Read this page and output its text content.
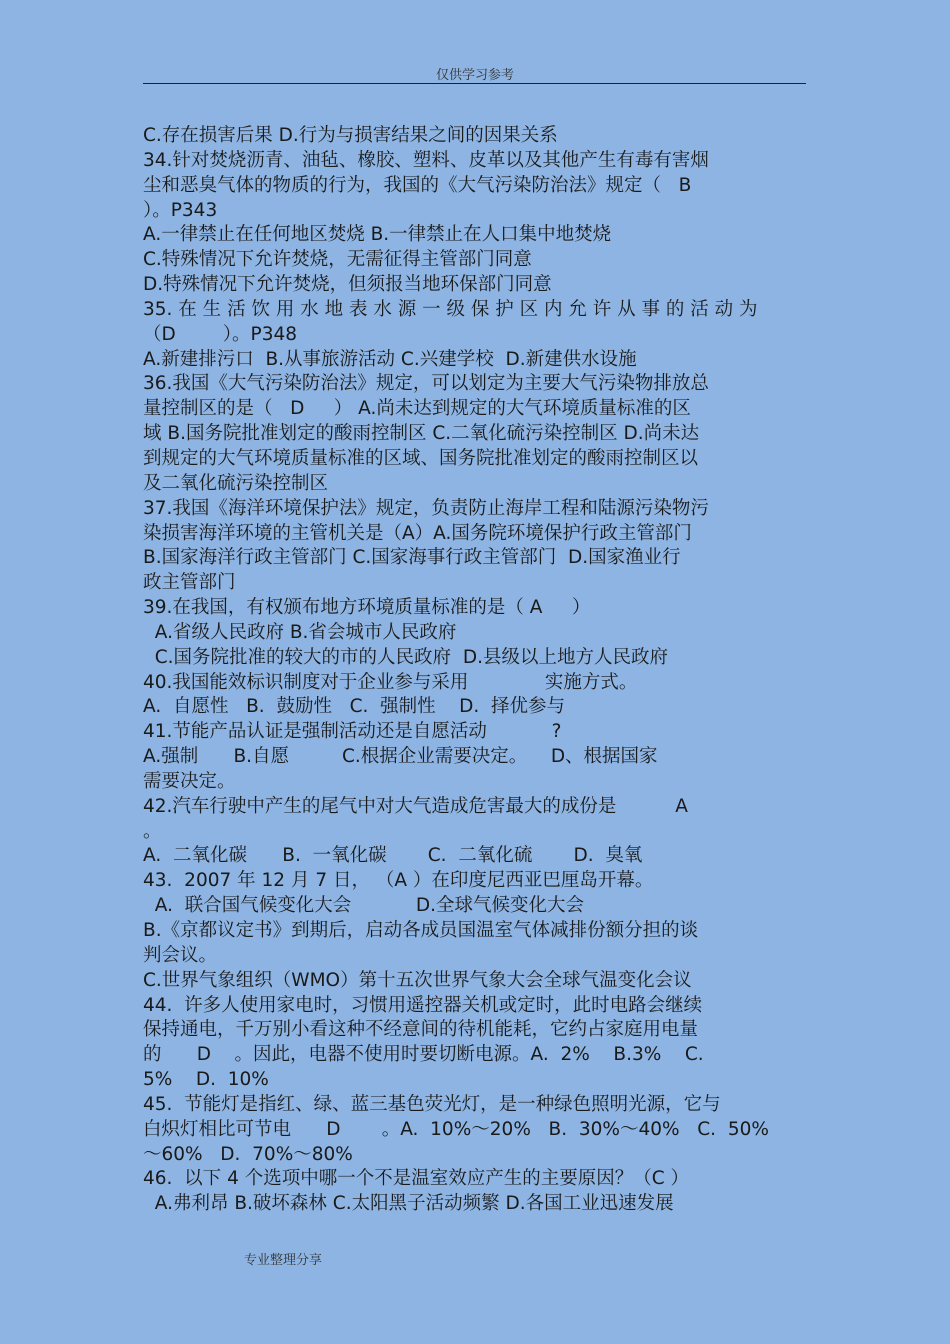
仅供学习参考
C.存在损害后果 D.行为与损害结果之间的因果关系
34.针对焚烧沥青、油毡、橡胶、塑料、皮革以及其他产生有毒有害烟
尘和恶臭气体的物质的行为，我国的《大气污染防治法》规定（   B
）。P343
A.一律禁止在任何地区焚烧 B.一律禁止在人口集中地焚烧
C.特殊情况下允许焚烧，无需征得主管部门同意
D.特殊情况下允许焚烧，但须报当地环保部门同意
35. 在 生 活 饮 用 水 地 表 水 源 一 级 保 护 区 内 允 许 从 事 的 活 动 为
（D        ）。P348
A.新建排污口  B.从事旅游活动 C.兴建学校  D.新建供水设施
36.我国《大气污染防治法》规定，可以划定为主要大气污染物排放总
量控制区的是（   D     ） A.尚未达到规定的大气环境质量标准的区
域 B.国务院批准划定的酸雨控制区 C.二氧化硫污染控制区 D.尚未达
到规定的大气环境质量标准的区域、国务院批准划定的酸雨控制区以
及二氧化硫污染控制区
37.我国《海洋环境保护法》规定，负责防止海岸工程和陆源污染物污
染损害海洋环境的主管机关是（A）A.国务院环境保护行政主管部门
B.国家海洋行政主管部门 C.国家海事行政主管部门  D.国家渔业行
政主管部门
39.在我国，有权颁布地方环境质量标准的是（ A     ）
A.省级人民政府 B.省会城市人民政府
C.国务院批准的较大的市的人民政府  D.县级以上地方人民政府
40.我国能效标识制度对于企业参与采用             实施方式。
A.  自愿性   B.  鼓励性   C.  强制性    D.  择优参与
41.节能产品认证是强制活动还是自愿活动           ?
A.强制      B.自愿         C.根据企业需要决定。    D、根据国家
需要决定。
42.汽车行驶中产生的尾气中对大气造成危害最大的成份是          A
。
A.  二氧化碳      B.  一氧化碳       C.  二氧化硫       D.  臭氧
43.  2007 年 12 月 7 日， （A ）在印度尼西亚巴厘岛开幕。
A.  联合国气候变化大会           D.全球气候变化大会
B.《京都议定书》到期后，启动各成员国温室气体减排份额分担的谈
判会议。
C.世界气象组织（WMO）第十五次世界气象大会全球气温变化会议
44.  许多人使用家电时，习惯用遥控器关机或定时，此时电路会继续
保持通电，千万别小看这种不经意间的待机能耗，它约占家庭用电量
的      D    。因此，电器不使用时要切断电源。A.  2%    B.3%    C.
5%    D.  10%
45.  节能灯是指红、绿、蓝三基色荧光灯，是一种绿色照明光源，它与
白炽灯相比可节电      D       。A.  10%～20%   B.  30%～40%   C.  50%
～60%   D.  70%～80%
46.  以下 4 个选项中哪一个不是温室效应产生的主要原因？（C ）
A.弗利昂 B.破坏森林 C.太阳黑子活动频繁 D.各国工业迅速发展
专业整理分享
